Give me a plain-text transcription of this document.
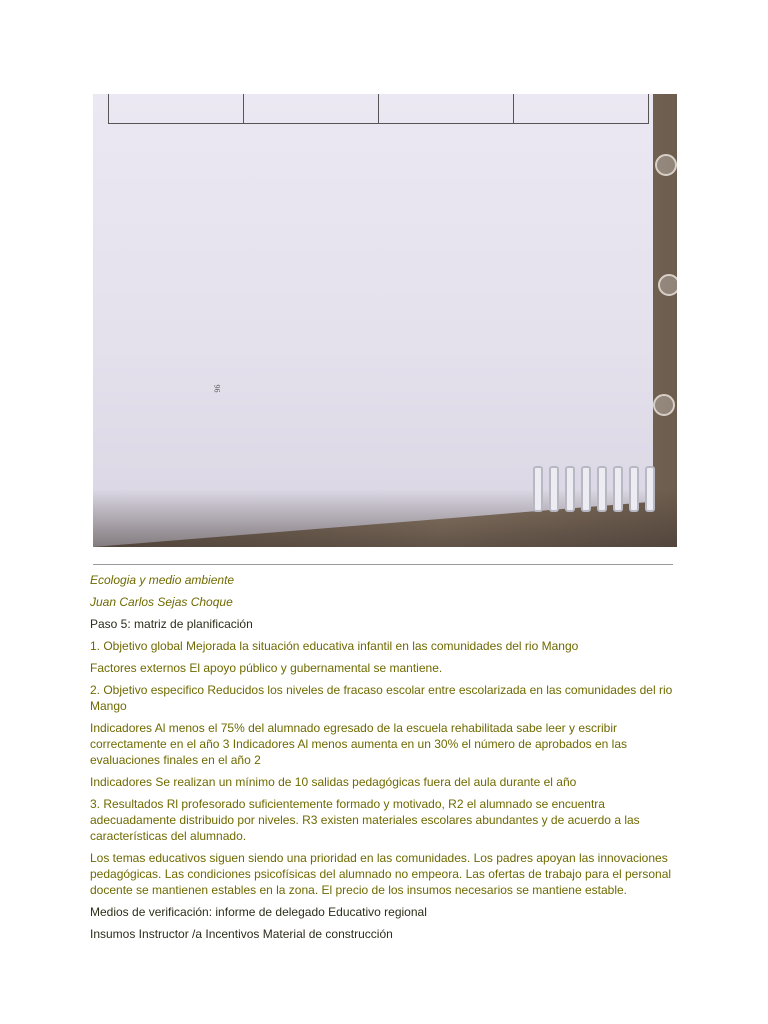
96

Ecologia y medio ambiente

Juan Carlos Sejas Choque

Paso 5: matriz de planificación

1. Objetivo global Mejorada la situación educativa infantil en las comunidades del rio Mango

Factores externos El apoyo público y gubernamental se mantiene.

2. Objetivo especifico Reducidos los niveles de fracaso escolar entre escolarizada en las comunidades del rio Mango

Indicadores Al menos el 75% del alumnado egresado de la escuela rehabilitada sabe leer y escribir correctamente en el año 3 Indicadores Al menos aumenta en un 30% el número de aprobados en las evaluaciones finales en el año 2

Indicadores Se realizan un mínimo de 10 salidas pedagógicas fuera del aula durante el año

3. Resultados Rl profesorado suficientemente formado y motivado, R2 el alumnado se encuentra adecuadamente distribuido por niveles. R3 existen materiales escolares abundantes y de acuerdo a las características del alumnado.

Los temas educativos siguen siendo una prioridad en las comunidades. Los padres apoyan las innovaciones pedagógicas. Las condiciones psicofísicas del alumnado no empeora. Las ofertas de trabajo para el personal docente se mantienen estables en la zona. El precio de los insumos necesarios se mantiene estable.

Medios de verificación: informe de delegado Educativo regional

Insumos Instructor /a Incentivos Material de construcción
